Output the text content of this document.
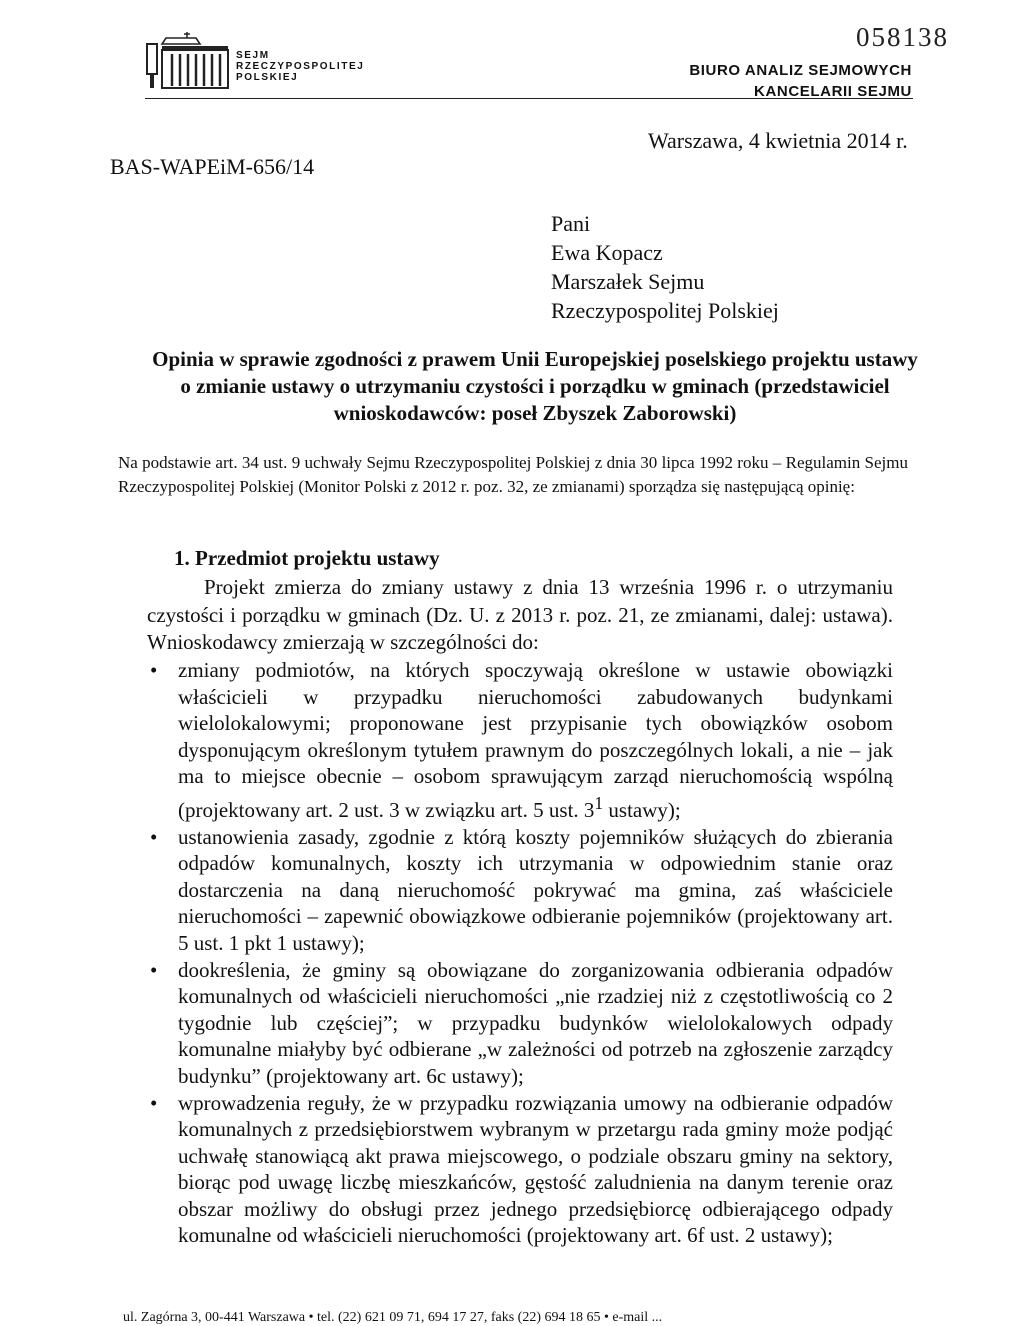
SEJM
RZECZYPOSPOLITEJ
POLSKIEJ
058138
BIURO ANALIZ SEJMOWYCH
KANCELARII SEJMU
BAS-WAPEiM-656/14
Warszawa, 4 kwietnia 2014 r.
Pani
Ewa Kopacz
Marszałek Sejmu
Rzeczypospolitej Polskiej
Opinia w sprawie zgodności z prawem Unii Europejskiej poselskiego projektu ustawy o zmianie ustawy o utrzymaniu czystości i porządku w gminach (przedstawiciel wnioskodawców: poseł Zbyszek Zaborowski)
Na podstawie art. 34 ust. 9 uchwały Sejmu Rzeczypospolitej Polskiej z dnia 30 lipca 1992 roku – Regulamin Sejmu Rzeczypospolitej Polskiej (Monitor Polski z 2012 r. poz. 32, ze zmianami) sporządza się następującą opinię:
1. Przedmiot projektu ustawy
Projekt zmierza do zmiany ustawy z dnia 13 września 1996 r. o utrzymaniu czystości i porządku w gminach (Dz. U. z 2013 r. poz. 21, ze zmianami, dalej: ustawa). Wnioskodawcy zmierzają w szczególności do:
• zmiany podmiotów, na których spoczywają określone w ustawie obowiązki właścicieli w przypadku nieruchomości zabudowanych budynkami wielolokalowymi; proponowane jest przypisanie tych obowiązków osobom dysponującym określonym tytułem prawnym do poszczególnych lokali, a nie – jak ma to miejsce obecnie – osobom sprawującym zarząd nieruchomością wspólną (projektowany art. 2 ust. 3 w związku art. 5 ust. $3^1$ ustawy);
• ustanowienia zasady, zgodnie z którą koszty pojemników służących do zbierania odpadów komunalnych, koszty ich utrzymania w odpowiednim stanie oraz dostarczenia na daną nieruchomość pokrywać ma gmina, zaś właściciele nieruchomości – zapewnić obowiązkowe odbieranie pojemników (projektowany art. 5 ust. 1 pkt 1 ustawy);
• dookreślenia, że gminy są obowiązane do zorganizowania odbierania odpadów komunalnych od właścicieli nieruchomości „nie rzadziej niż z częstotliwością co 2 tygodnie lub częściej”; w przypadku budynków wielolokalowych odpady komunalne miałyby być odbierane „w zależności od potrzeb na zgłoszenie zarządcy budynku” (projektowany art. 6c ustawy);
• wprowadzenia reguły, że w przypadku rozwiązania umowy na odbieranie odpadów komunalnych z przedsiębiorstwem wybranym w przetargu rada gminy może podjąć uchwałę stanowiącą akt prawa miejscowego, o podziale obszaru gminy na sektory, biorąc pod uwagę liczbę mieszkańców, gęstość zaludnienia na danym terenie oraz obszar możliwy do obsługi przez jednego przedsiębiorcę odbierającego odpady komunalne od właścicieli nieruchomości (projektowany art. 6f ust. 2 ustawy);
ul. Zagórna 3, 00-441 Warszawa • tel. (22) 621 09 71, 694 17 27, faks (22) 694 18 65 • e-mail ...
